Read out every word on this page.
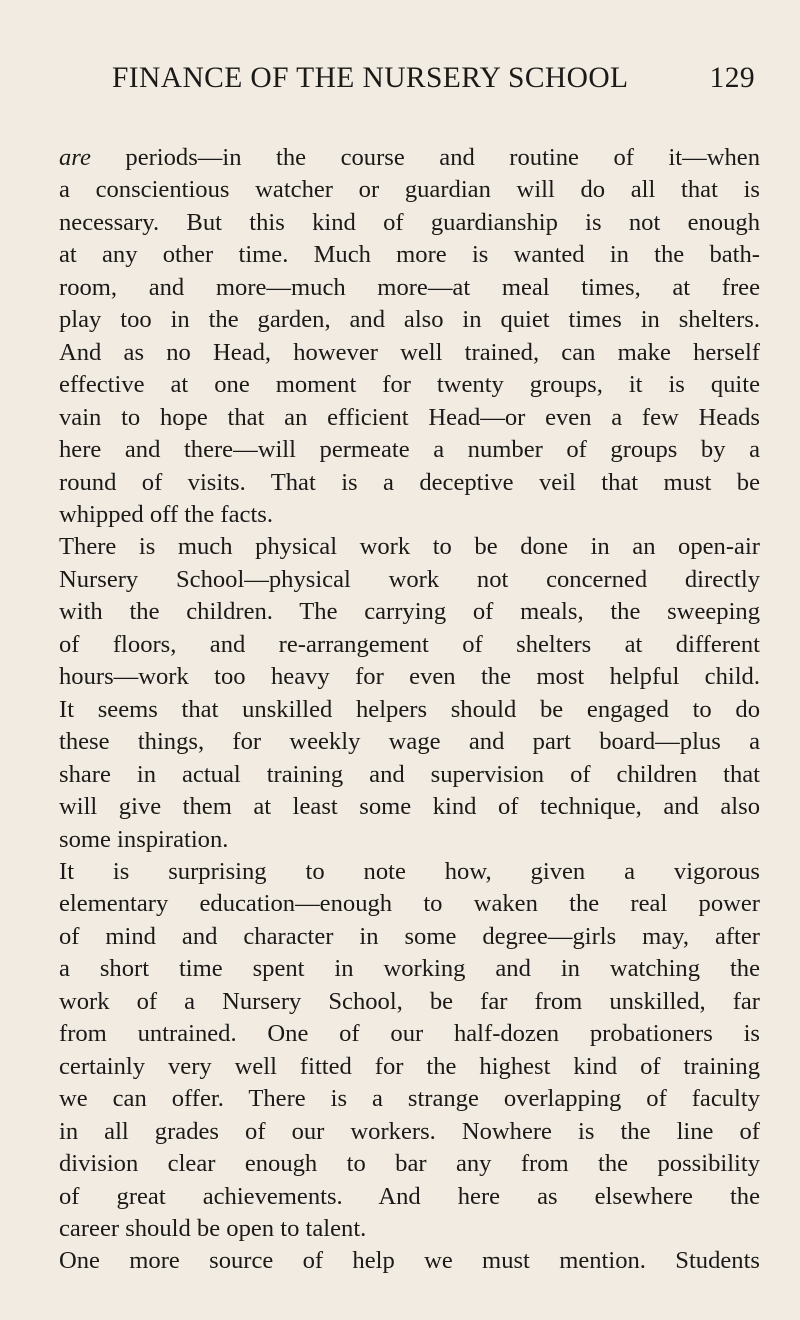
FINANCE OF THE NURSERY SCHOOL	129
are periods—in the course and routine of it—when
a conscientious watcher or guardian will do all that is
necessary. But this kind of guardianship is not enough
at any other time. Much more is wanted in the bath-
room, and more—much more—at meal times, at free
play too in the garden, and also in quiet times in shelters.
And as no Head, however well trained, can make herself
effective at one moment for twenty groups, it is quite
vain to hope that an efficient Head—or even a few Heads
here and there—will permeate a number of groups by a
round of visits. That is a deceptive veil that must be
whipped off the facts.
There is much physical work to be done in an open-air
Nursery School—physical work not concerned directly
with the children. The carrying of meals, the sweeping
of floors, and re-arrangement of shelters at different
hours—work too heavy for even the most helpful child.
It seems that unskilled helpers should be engaged to do
these things, for weekly wage and part board—plus a
share in actual training and supervision of children that
will give them at least some kind of technique, and also
some inspiration.
It is surprising to note how, given a vigorous
elementary education—enough to waken the real power
of mind and character in some degree—girls may, after
a short time spent in working and in watching the
work of a Nursery School, be far from unskilled, far
from untrained. One of our half-dozen probationers is
certainly very well fitted for the highest kind of training
we can offer. There is a strange overlapping of faculty
in all grades of our workers. Nowhere is the line of
division clear enough to bar any from the possibility
of great achievements. And here as elsewhere the
career should be open to talent.
One more source of help we must mention. Students
